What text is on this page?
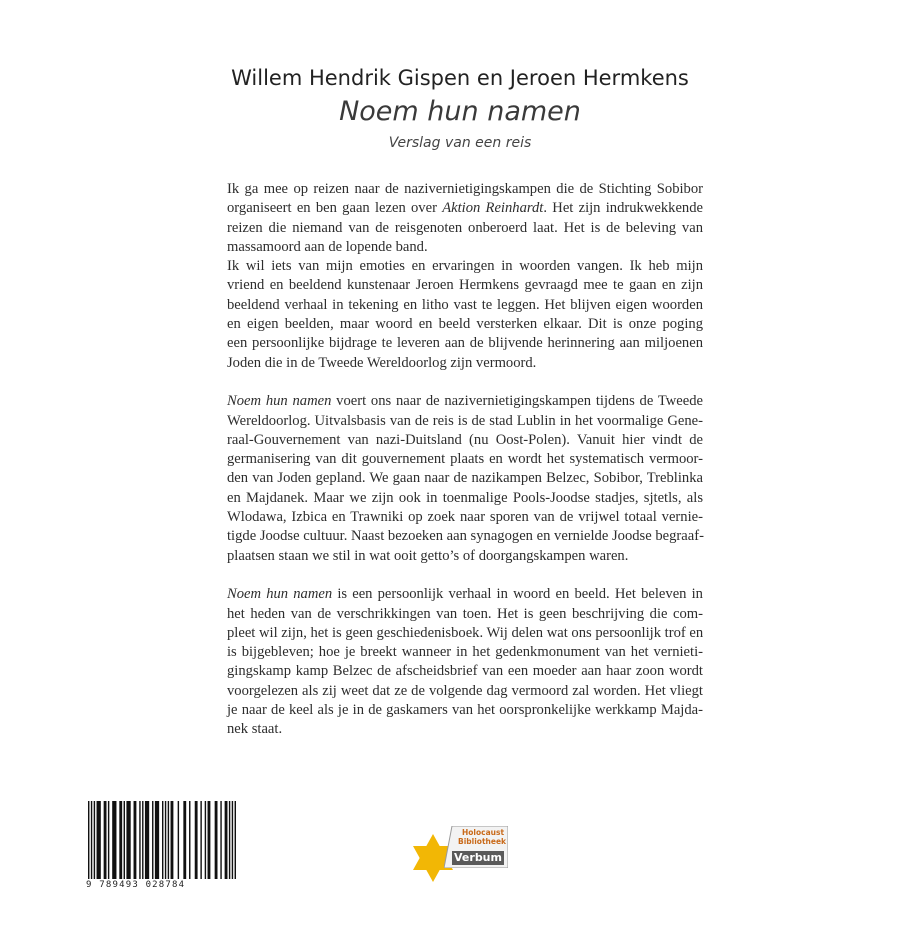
Willem Hendrik Gispen en Jeroen Hermkens
Noem hun namen
Verslag van een reis

Ik ga mee op reizen naar de nazivernietigingskampen die de Stichting Sobibor
organiseert en ben gaan lezen over Aktion Reinhardt. Het zijn indrukwekkende
reizen die niemand van de reisgenoten onberoerd laat. Het is de beleving van
massamoord aan de lopende band.
Ik wil iets van mijn emoties en ervaringen in woorden vangen. Ik heb mijn
vriend en beeldend kunstenaar Jeroen Hermkens gevraagd mee te gaan en zijn
beeldend verhaal in tekening en litho vast te leggen. Het blijven eigen woorden
en eigen beelden, maar woord en beeld versterken elkaar. Dit is onze poging
een persoonlijke bijdrage te leveren aan de blijvende herinnering aan miljoenen
Joden die in de Tweede Wereldoorlog zijn vermoord.

Noem hun namen voert ons naar de nazivernietigingskampen tijdens de Tweede
Wereldoorlog. Uitvalsbasis van de reis is de stad Lublin in het voormalige Gene-
raal-Gouvernement van nazi-Duitsland (nu Oost-Polen). Vanuit hier vindt de
germanisering van dit gouvernement plaats en wordt het systematisch vermoor-
den van Joden gepland. We gaan naar de nazikampen Belzec, Sobibor, Treblinka
en Majdanek. Maar we zijn ook in toenmalige Pools-Joodse stadjes, sjtetls, als
Wlodawa, Izbica en Trawniki op zoek naar sporen van de vrijwel totaal vernie-
tigde Joodse cultuur. Naast bezoeken aan synagogen en vernielde Joodse begraaf-
plaatsen staan we stil in wat ooit getto’s of doorgangskampen waren.

Noem hun namen is een persoonlijk verhaal in woord en beeld. Het beleven in
het heden van de verschrikkingen van toen. Het is geen beschrijving die com-
pleet wil zijn, het is geen geschiedenisboek. Wij delen wat ons persoonlijk trof en
is bijgebleven; hoe je breekt wanneer in het gedenkmonument van het vernieti-
gingskamp kamp Belzec de afscheidsbrief van een moeder aan haar zoon wordt
voorgelezen als zij weet dat ze de volgende dag vermoord zal worden. Het vliegt
je naar de keel als je in de gaskamers van het oorspronkelijke werkkamp Majda-
nek staat.

9 789493 028784
Holocaust
Bibliotheek
Verbum
